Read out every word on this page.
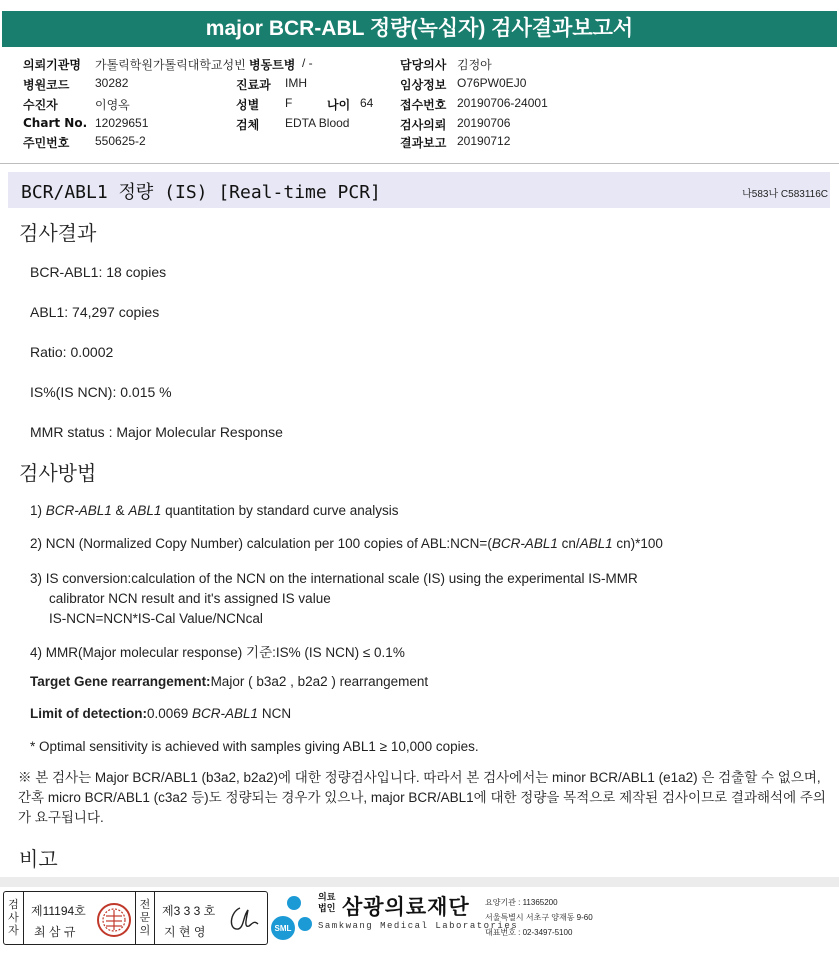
major BCR-ABL 정량(녹십자) 검사결과보고서
의뢰기관명 가톨릭학원가톨릭대학교성빈 병동트병 / -	담당의사 김정아
병원코드 30282	진료과 IMH	임상정보 O76PW0EJ0
수진자	이영옥	성별 F	나이 64 접수번호 20190706-24001
Chart No. 12029651	검체 EDTA Blood	검사의뢰 20190706
주민번호 550625-2	결과보고 20190712
BCR/ABL1 정량 (IS) [Real-time PCR]	나583나 C583116C
검사결과
BCR-ABL1: 18 copies
ABL1: 74,297 copies
Ratio: 0.0002
IS%(IS NCN): 0.015 %
MMR status : Major Molecular Response
검사방법
1) BCR-ABL1 & ABL1 quantitation by standard curve analysis
2) NCN (Normalized Copy Number) calculation per 100 copies of ABL:NCN=(BCR-ABL1 cn/ABL1 cn)*100
3) IS conversion:calculation of the NCN on the international scale (IS) using the experimental IS-MMR
calibrator NCN result and it's assigned IS value
IS-NCN=NCN*IS-Cal Value/NCNcal
4) MMR(Major molecular response) 기준:IS% (IS NCN) ≤ 0.1%
Target Gene rearrangement:Major ( b3a2 , b2a2 ) rearrangement
Limit of detection:0.0069 BCR-ABL1 NCN
* Optimal sensitivity is achieved with samples giving ABL1 ≥ 10,000 copies.
※ 본 검사는 Major BCR/ABL1 (b3a2, b2a2)에 대한 정량검사입니다. 따라서 본 검사에서는 minor BCR/ABL1 (e1a2) 은 검출할 수 없으며, 간혹 micro BCR/ABL1 (c3a2 등)도 정량되는 경우가 있으나, major BCR/ABL1에 대한 정량을 목적으로 제작된 검사이므로 결과해석에 주의가 요구됩니다.
비고
검사자
제11194호
최 삼 규
전문의
제3 3 3 호
지 현 영	SML
의료법인 삼광의료재단
Samkwang Medical Laboratories
요양기관 : 11365200
서울특별시 서초구 양재동 9-60
대표번호 : 02-3497-5100
